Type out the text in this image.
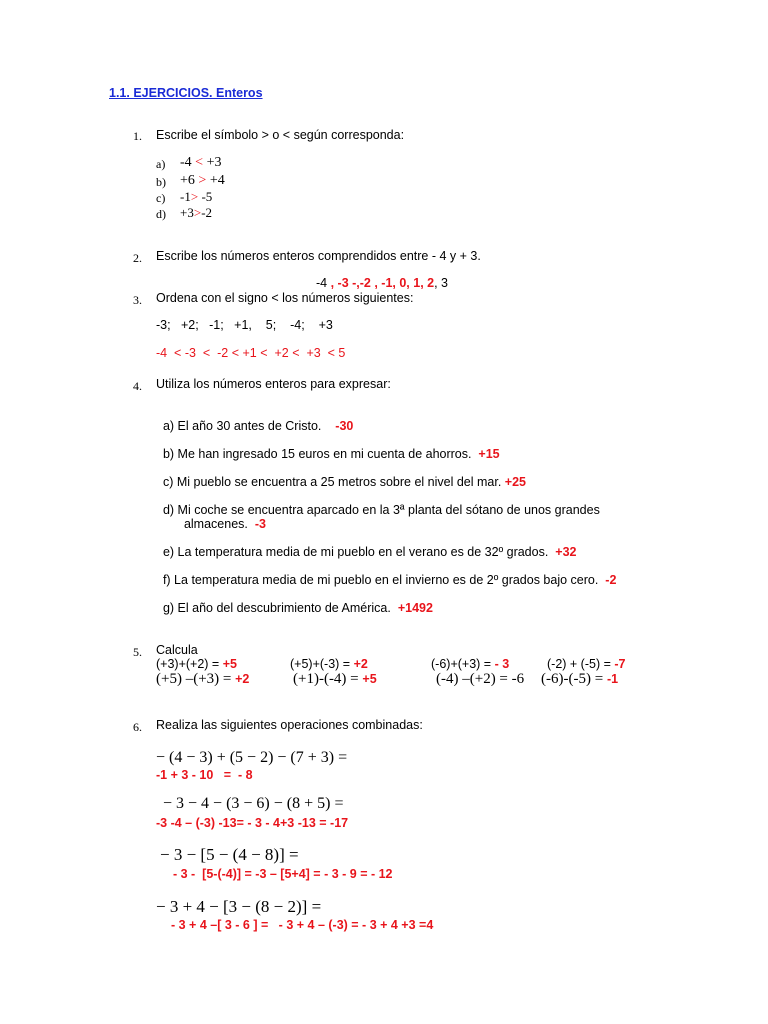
1.1. EJERCICIOS. Enteros
1. Escribe el símbolo > o < según corresponda:
a) -4 < +3
b) +6 > +4
c) -1> -5
d) +3>-2
2. Escribe los números enteros comprendidos entre - 4 y + 3.
-4 , -3 -,-2 , -1, 0, 1, 2, 3
3. Ordena con el signo < los números siguientes:
-3;   +2;   -1;   +1,    5;    -4;    +3
-4  < -3  <  -2 < +1 <  +2 <  +3  < 5
4. Utiliza los números enteros para expresar:

a) El año 30 antes de Cristo.    -30

b) Me han ingresado 15 euros en mi cuenta de ahorros.  +15

c) Mi pueblo se encuentra a 25 metros sobre el nivel del mar. +25

d) Mi coche se encuentra aparcado en la 3ª planta del sótano de unos grandes

almacenes.  -3

e) La temperatura media de mi pueblo en el verano es de 32º grados.  +32

f) La temperatura media de mi pueblo en el invierno es de 2º grados bajo cero.  -2

g) El año del descubrimiento de América.  +1492

5. Calcula
(+3)+(+2) = +5	(+5)+(-3) = +2	(-6)+(+3) = - 3	(-2) + (-5) = -7
(+5) –(+3) = +2	(+1)-(-4) = +5	(-4) –(+2) = -6 (-6)-(-5) = -1
6. Realiza las siguientes operaciones combinadas:
− (4 − 3) + (5 − 2) − (7 + 3) =
-1 + 3 - 10   =  - 8
− 3 − 4 − (3 − 6) − (8 + 5) =
-3 -4 – (-3) -13= - 3 - 4+3 -13 = -17
− 3 − [5 − (4 − 8)] =
- 3 -  [5-(-4)] = -3 – [5+4] = - 3 - 9 = - 12
− 3 + 4 − [3 − (8 − 2)] =
- 3 + 4 –[ 3 - 6 ] =   - 3 + 4 – (-3) = - 3 + 4 +3 =4
